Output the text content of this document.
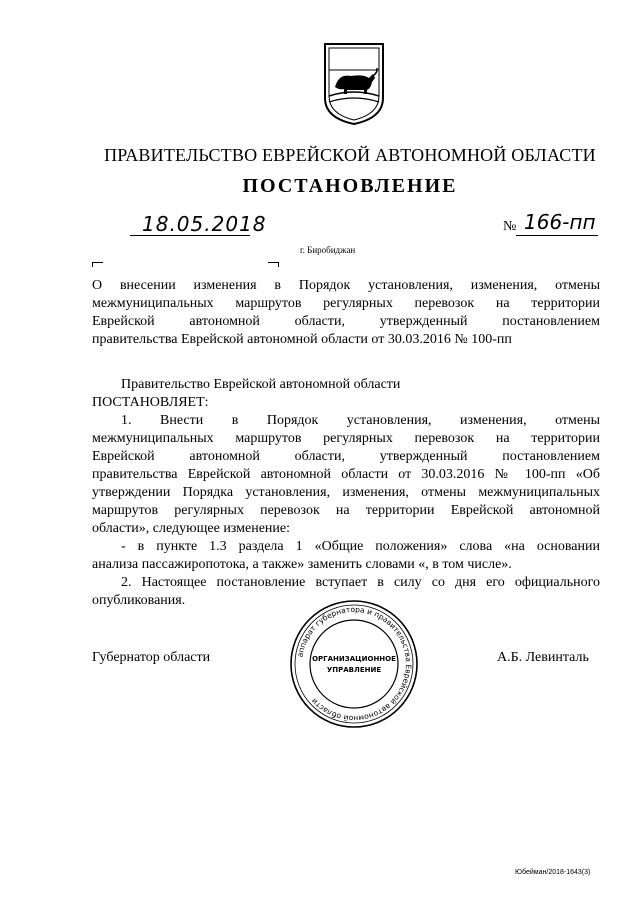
ПРАВИТЕЛЬСТВО ЕВРЕЙСКОЙ АВТОНОМНОЙ ОБЛАСТИ
ПОСТАНОВЛЕНИЕ
18.05.2018	№ 166-пп
г. Биробиджан
О внесении изменения в Порядок установления, изменения, отмены
межмуниципальных маршрутов регулярных перевозок на территории
Еврейской автономной области, утвержденный постановлением
правительства Еврейской автономной области от 30.03.2016 № 100-пп
Правительство Еврейской автономной области
ПОСТАНОВЛЯЕТ:
1. Внести в Порядок установления, изменения, отмены
межмуниципальных маршрутов регулярных перевозок на территории
Еврейской автономной области, утвержденный постановлением
правительства Еврейской автономной области от 30.03.2016 № 100-пп «Об
утверждении Порядка установления, изменения, отмены межмуниципальных
маршрутов регулярных перевозок на территории Еврейской автономной
области», следующее изменение:
- в пункте 1.3 раздела 1 «Общие положения» слова «на основании
анализа пассажиропотока, а также» заменить словами «, в том числе».
2. Настоящее постановление вступает в силу со дня его официального
опубликования.
Губернатор области	А.Б. Левинталь
аппарат губернатора и правительства Еврейской автономной области
ОРГАНИЗАЦИОННОЕ
УПРАВЛЕНИЕ
Юбейман/2018-1643(3)
